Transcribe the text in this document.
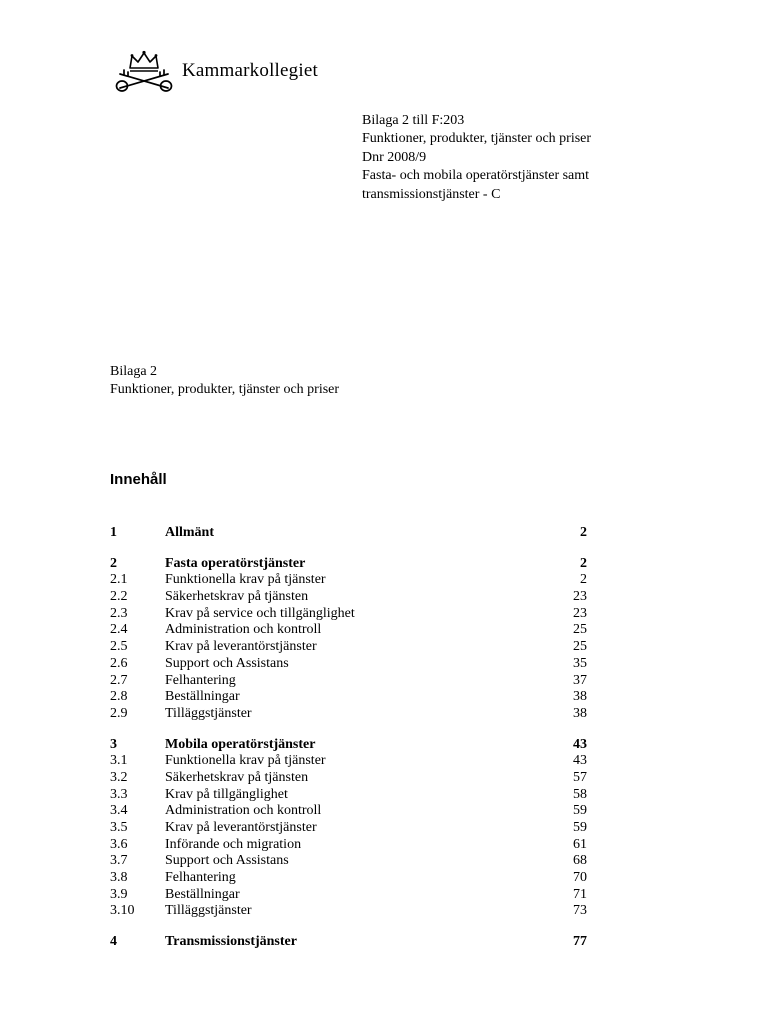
Kammarkollegiet
Bilaga 2 till F:203
Funktioner, produkter, tjänster och priser
Dnr 2008/9
Fasta- och mobila operatörstjänster samt
transmissionstjänster - C
Bilaga 2
Funktioner, produkter, tjänster och priser
Innehåll
1	Allmänt	2
2	Fasta operatörstjänster	2
2.1	Funktionella krav på tjänster	2
2.2	Säkerhetskrav på tjänsten	23
2.3	Krav på service och tillgänglighet	23
2.4	Administration och kontroll	25
2.5	Krav på leverantörstjänster	25
2.6	Support och Assistans	35
2.7	Felhantering	37
2.8	Beställningar	38
2.9	Tilläggstjänster	38
3	Mobila operatörstjänster	43
3.1	Funktionella krav på tjänster	43
3.2	Säkerhetskrav på tjänsten	57
3.3	Krav på tillgänglighet	58
3.4	Administration och kontroll	59
3.5	Krav på leverantörstjänster	59
3.6	Införande och migration	61
3.7	Support och Assistans	68
3.8	Felhantering	70
3.9	Beställningar	71
3.10	Tilläggstjänster	73
4	Transmissionstjänster	77
